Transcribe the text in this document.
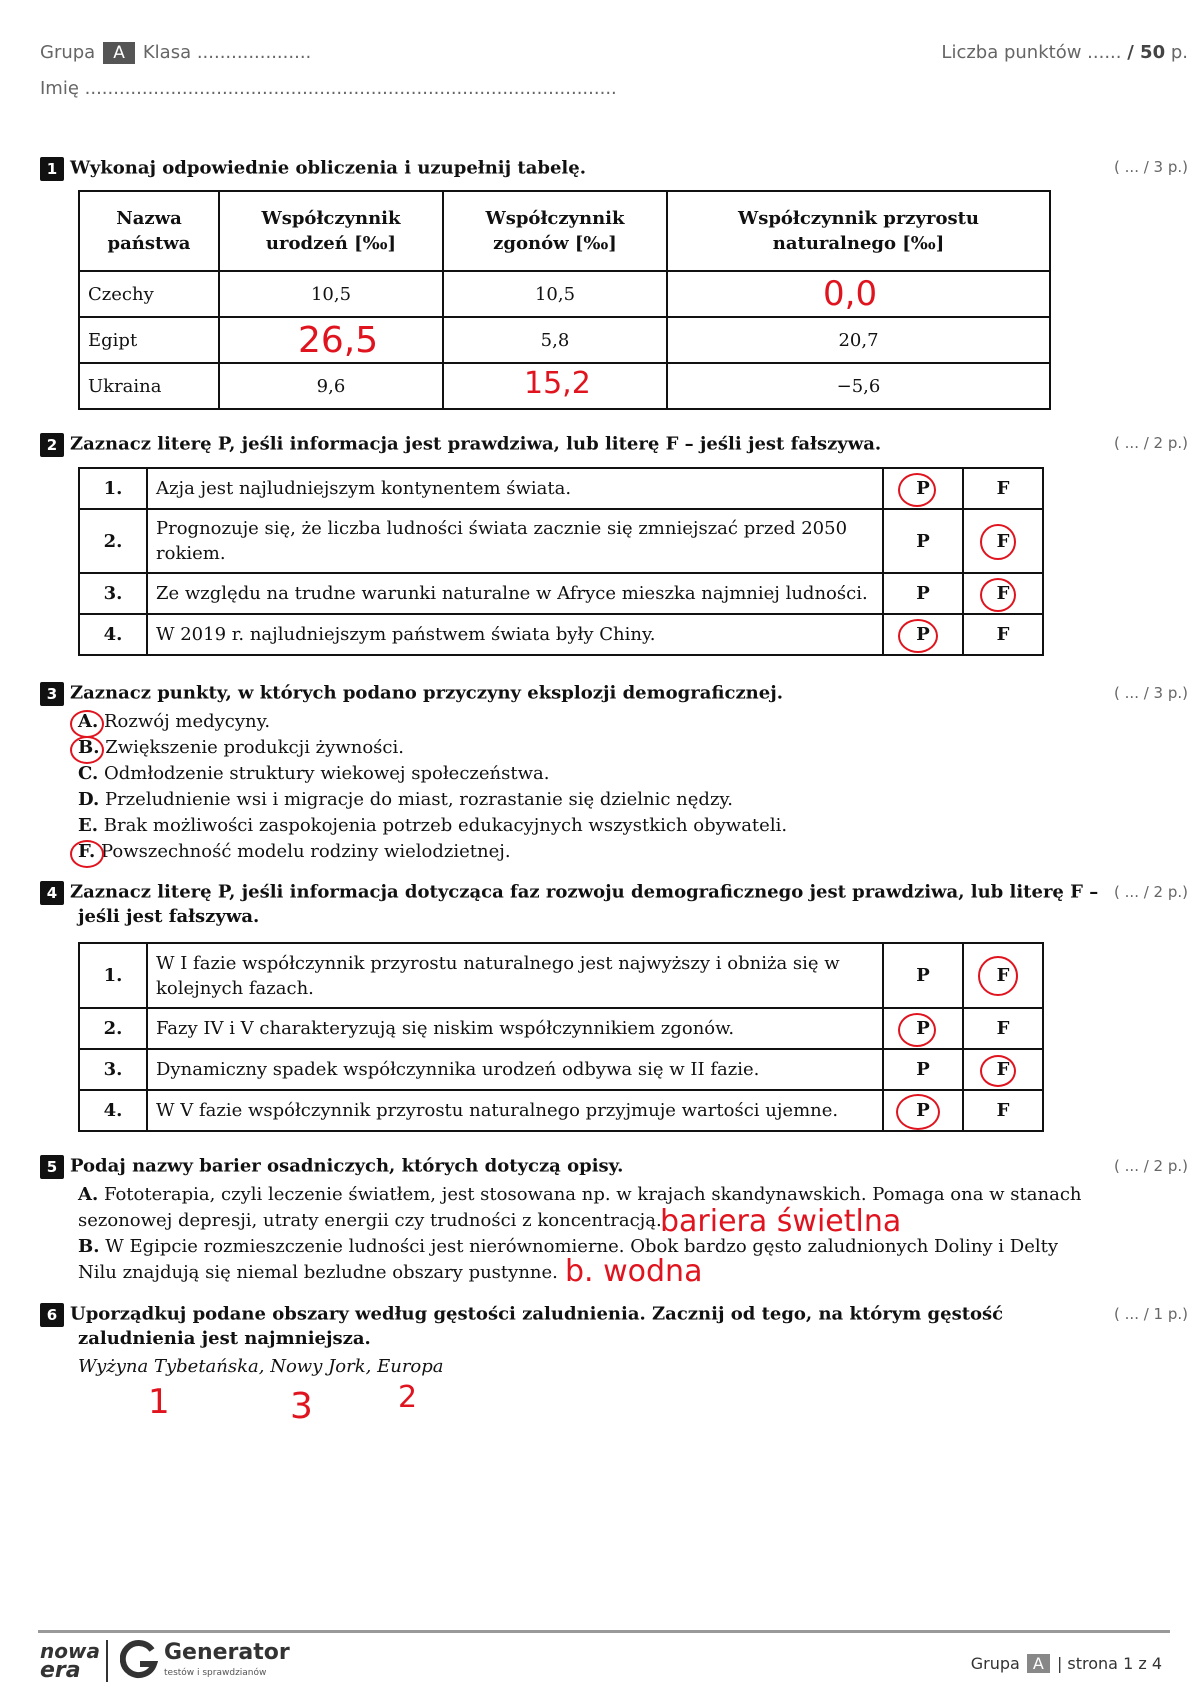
Grupa A Klasa ....................	Liczba punktów ...... / 50 p.
Imię .............................................................................................
1 Wykonaj odpowiednie obliczenia i uzupełnij tabelę.	( ... / 3 p.)
Nazwa państwa	Współczynnik urodzeń [‰]	Współczynnik zgonów [‰]	Współczynnik przyrostu naturalnego [‰]
Czechy	10,5	10,5	0,0

Egipt	26,5	5,8	20,7
Ukraina	9,6	15,2	−5,6
2 Zaznacz literę P, jeśli informacja jest prawdziwa, lub literę F – jeśli jest fałszywa.	( ... / 2 p.)
1.	Azja jest najludniejszym kontynentem świata.	P	F
2.	Prognozuje się, że liczba ludności świata zacznie się zmniejszać przed 2050 rokiem.	P	F

3.	Ze względu na trudne warunki naturalne w Afryce mieszka najmniej ludności.	P	F

4.	W 2019 r. najludniejszym państwem świata były Chiny.	P	F
3 Zaznacz punkty, w których podano przyczyny eksplozji demograficznej.	( ... / 3 p.)
A. Rozwój medycyny.
B. Zwiększenie produkcji żywności.
C. Odmłodzenie struktury wiekowej społeczeństwa.
D. Przeludnienie wsi i migracje do miast, rozrastanie się dzielnic nędzy.
E. Brak możliwości zaspokojenia potrzeb edukacyjnych wszystkich obywateli.
F. Powszechność modelu rodziny wielodzietnej.
4 Zaznacz literę P, jeśli informacja dotycząca faz rozwoju demograficznego jest prawdziwa, lub literę F –
jeśli jest fałszywa.
( ... / 2 p.)
1.	W I fazie współczynnik przyrostu naturalnego jest najwyższy i obniża się w kolejnych fazach.	P	F

2.	Fazy IV i V charakteryzują się niskim współczynnikiem zgonów.	P	F
3.	Dynamiczny spadek współczynnika urodzeń odbywa się w II fazie.	P	F

4.	W V fazie współczynnik przyrostu naturalnego przyjmuje wartości ujemne.	P	F
5 Podaj nazwy barier osadniczych, których dotyczą opisy.	( ... / 2 p.)
A. Fototerapia, czyli leczenie światłem, jest stosowana np. w krajach skandynawskich. Pomaga ona w stanach
sezonowej depresji, utraty energii czy trudności z koncentracją.
bariera świetlna
B. W Egipcie rozmieszczenie ludności jest nierównomierne. Obok bardzo gęsto zaludnionych Doliny i Delty
Nilu znajdują się niemal bezludne obszary pustynne. b. wodna
6 Uporządkuj podane obszary według gęstości zaludnienia. Zacznij od tego, na którym gęstość
zaludnienia jest najmniejsza.
( ... / 1 p.)
Wyżyna Tybetańska, Nowy Jork, Europa
1	3	2
nowa
era
Generator
testów i sprawdzianów	Grupa A | strona 1 z 4
